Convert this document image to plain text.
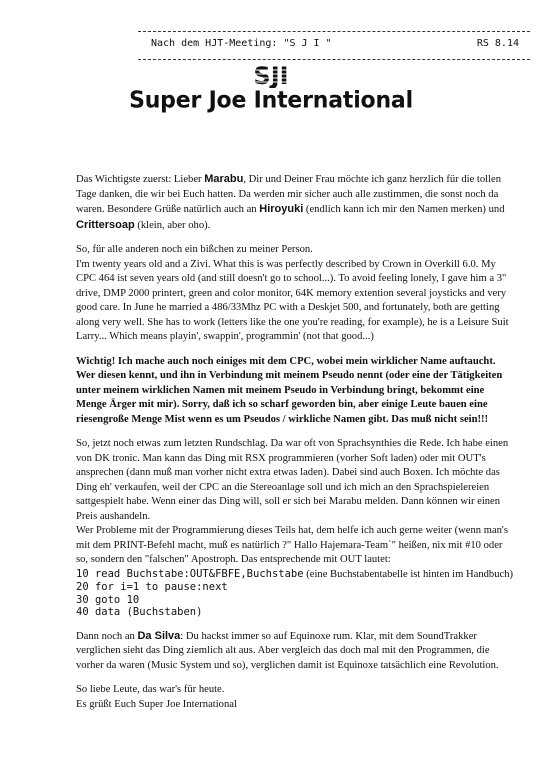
Nach dem HJT-Meeting: "S J I "	RS 8.14
SJI
Super Joe International

Das Wichtigste zuerst: Lieber Marabu, Dir und Deiner Frau möchte ich ganz herzlich für die tollen Tage danken, die wir bei Euch hatten. Da werden mir sicher auch alle zustimmen, die sonst noch da waren. Besondere Grüße natürlich auch an Hiroyuki (endlich kann ich mir den Namen merken) und Crittersoap (klein, aber oho).

So, für alle anderen noch ein bißchen zu meiner Person.
I'm twenty years old and a Zivi. What this is was perfectly described by Crown in Overkill 6.0. My CPC 464 ist seven years old (and still doesn't go to school...). To avoid feeling lonely, I gave him a 3" drive, DMP 2000 printert, green and color monitor, 64K memory extention several joysticks and very good care. In June he married a 486/33Mhz PC with a Deskjet 500, and fortunately, both are getting along very well. She has to work (letters like the one you're reading, for example), he is a Leisure Suit Larry... Which means playin', swappin', programmin' (not that good...)

Wichtig! Ich mache auch noch einiges mit dem CPC, wobei mein wirklicher Name auftaucht. Wer diesen kennt, und ihn in Verbindung mit meinem Pseudo nennt (oder eine der Tätigkeiten unter meinem wirklichen Namen mit meinem Pseudo in Verbindung bringt, bekommt eine Menge Ärger mit mir). Sorry, daß ich so scharf geworden bin, aber einige Leute bauen eine riesengroße Menge Mist wenn es um Pseudos / wirkliche Namen gibt. Das muß nicht sein!!!

So, jetzt noch etwas zum letzten Rundschlag. Da war oft von Sprachsynthies die Rede. Ich habe einen von DK tronic. Man kann das Ding mit RSX programmieren (vorher Soft laden) oder mit OUT's ansprechen (dann muß man vorher nicht extra etwas laden). Dabei sind auch Boxen. Ich möchte das Ding eh' verkaufen, weil der CPC an die Stereoanlage soll und ich mich an den Sprachspielereien sattgespielt habe. Wenn einer das Ding will, soll er sich bei Marabu melden. Dann können wir einen Preis aushandeln.
Wer Probleme mit der Programmierung dieses Teils hat, dem helfe ich auch gerne weiter (wenn man's mit dem PRINT-Befehl macht, muß es natürlich ?" Hallo Hajemara-Team`" heißen, nix mit #10 oder so, sondern den "falschen" Apostroph. Das entsprechende mit OUT lautet:

10 read Buchstabe:OUT&FBFE,Buchstabe (eine Buchstabentabelle ist hinten im Handbuch)
20 for i=1 to pause:next
30 goto 10
40 data (Buchstaben)

Dann noch an Da Silva: Du hackst immer so auf Equinoxe rum. Klar, mit dem SoundTrakker verglichen sieht das Ding ziemlich alt aus. Aber vergleich das doch mal mit den Programmen, die vorher da waren (Music System und so), verglichen damit ist Equinoxe tatsächlich eine Revolution.

So liebe Leute, das war's für heute.
Es grüßt Euch Super Joe International
